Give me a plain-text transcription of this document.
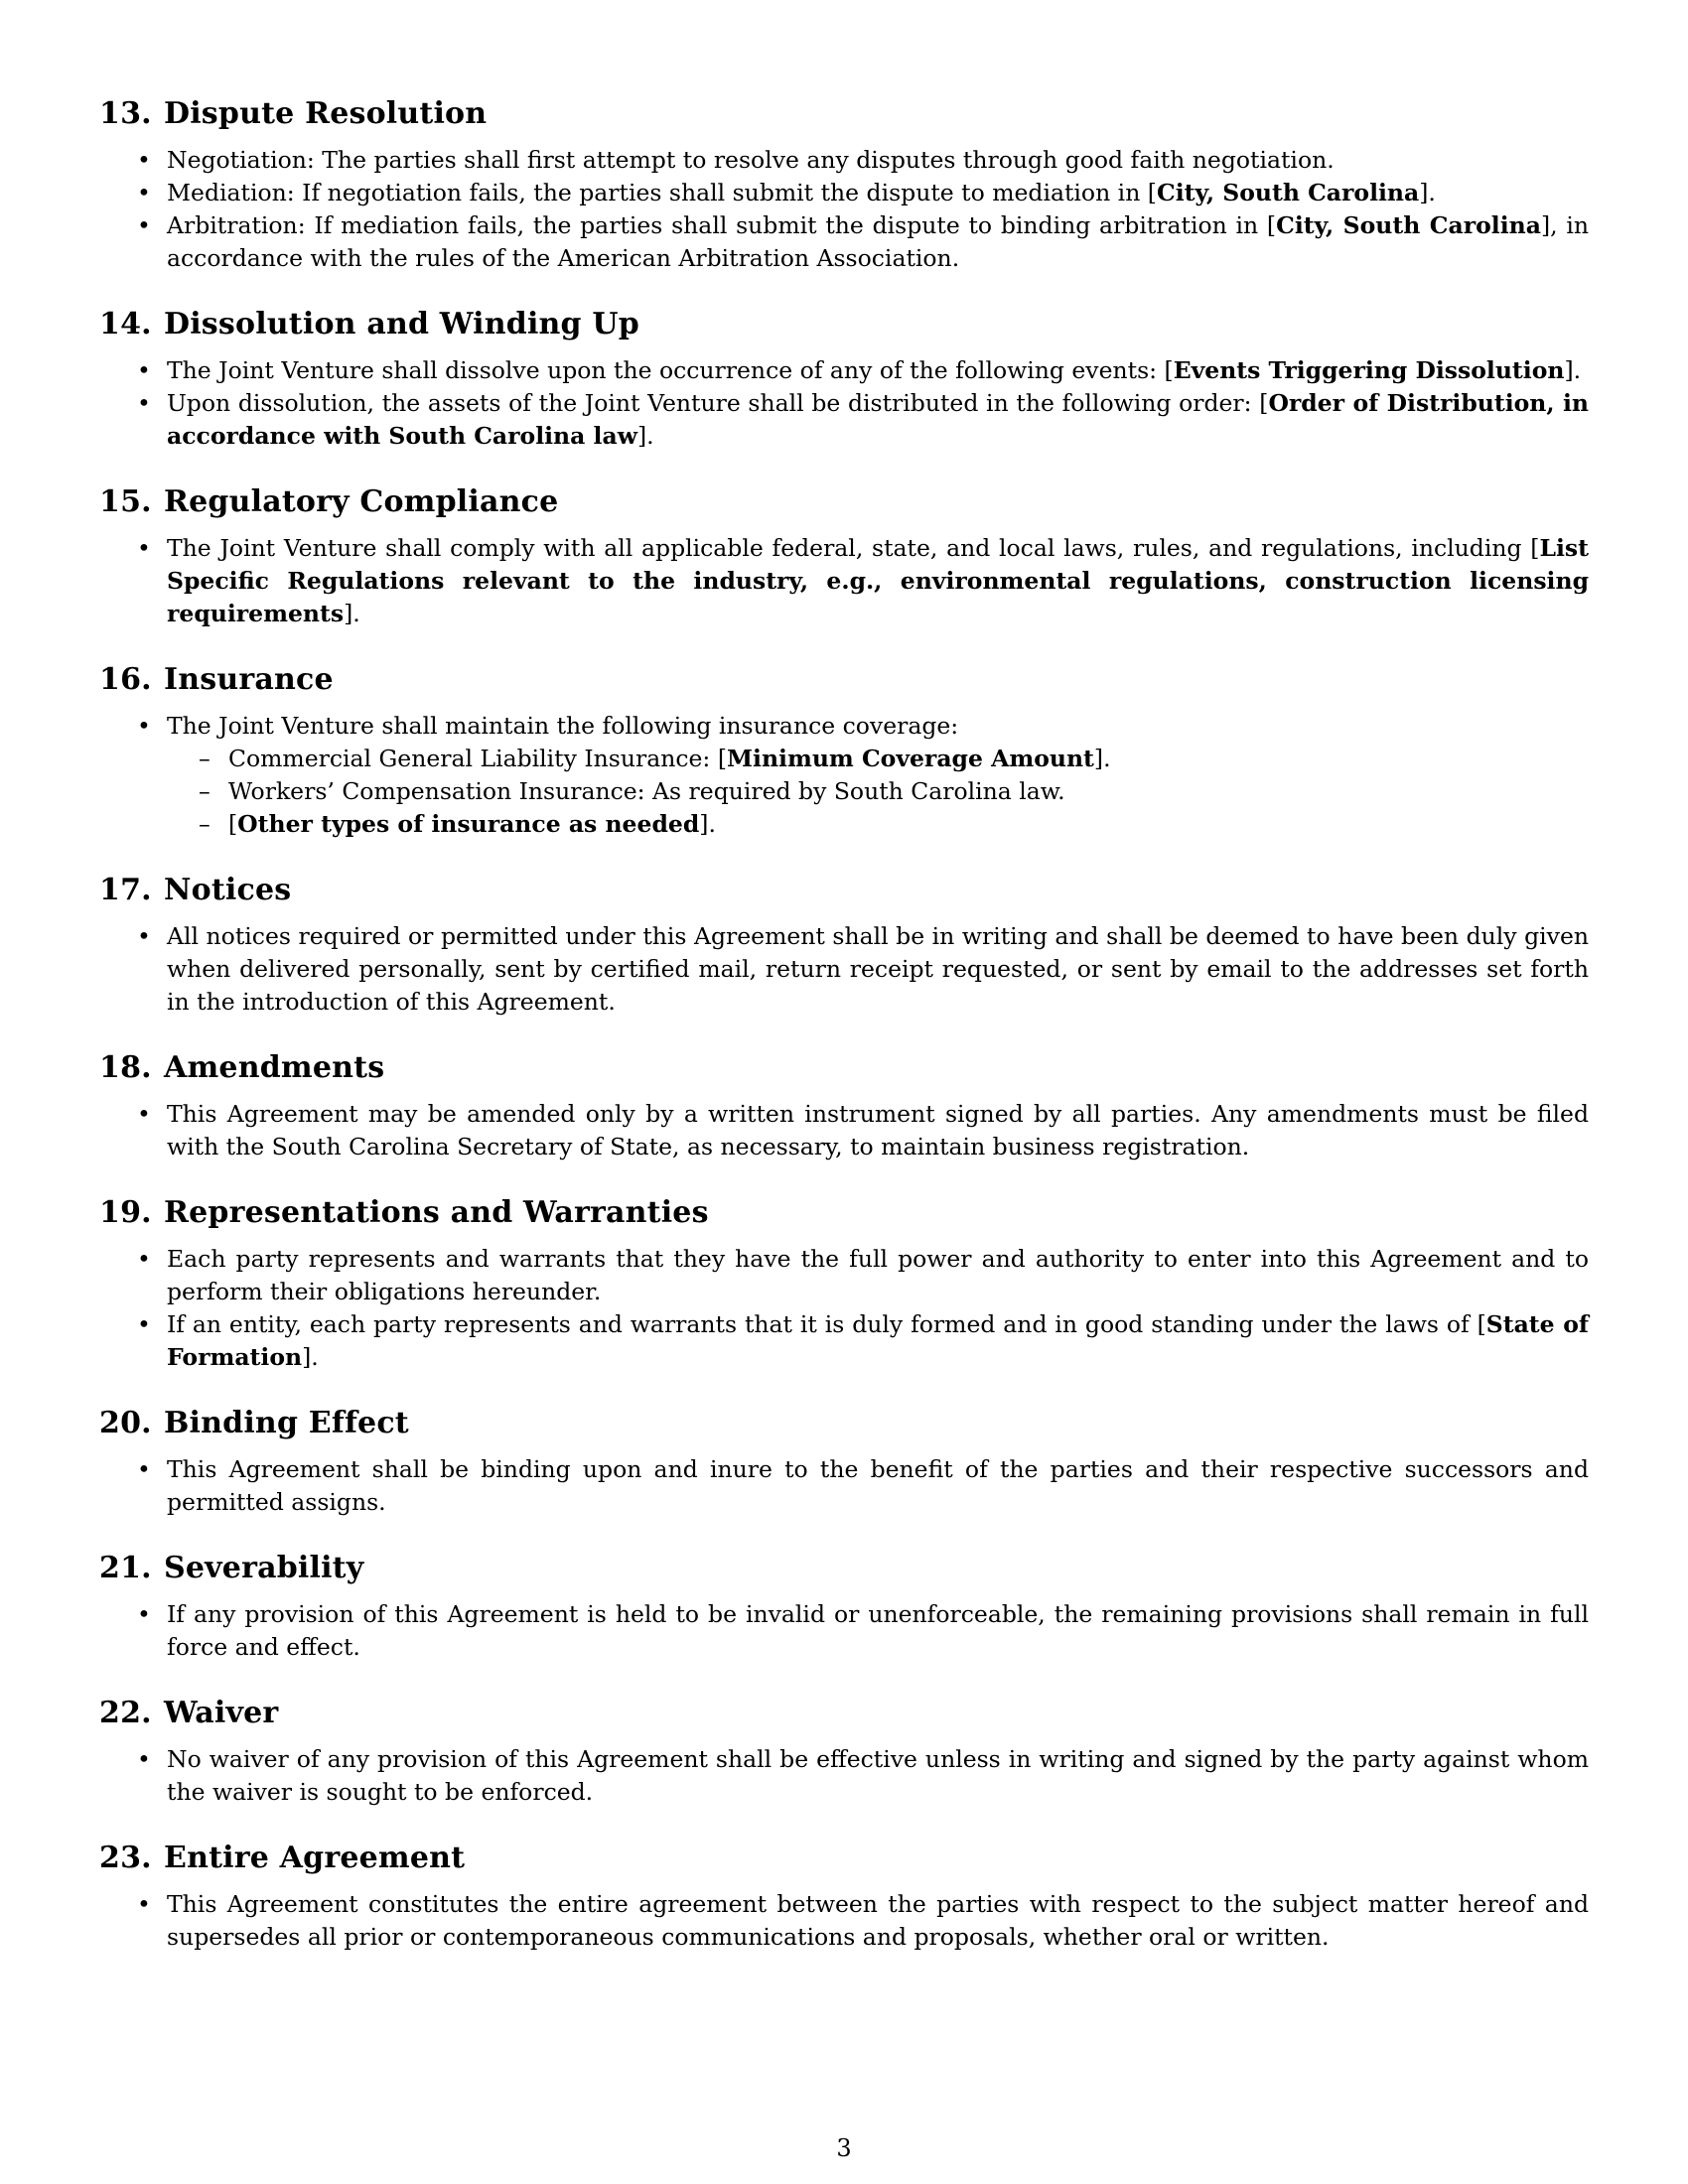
13. Dispute Resolution
• Negotiation: The parties shall first attempt to resolve any disputes through good faith negotiation.
• Mediation: If negotiation fails, the parties shall submit the dispute to mediation in [City, South Carolina].
• Arbitration: If mediation fails, the parties shall submit the dispute to binding arbitration in [City, South Carolina], in accordance with the rules of the American Arbitration Association.
14. Dissolution and Winding Up
• The Joint Venture shall dissolve upon the occurrence of any of the following events: [Events Triggering Dissolution].
• Upon dissolution, the assets of the Joint Venture shall be distributed in the following order: [Order of Distribution, in accordance with South Carolina law].
15. Regulatory Compliance
• The Joint Venture shall comply with all applicable federal, state, and local laws, rules, and regulations, including [List Specific Regulations relevant to the industry, e.g., environmental regulations, construction licensing requirements].
16. Insurance
• The Joint Venture shall maintain the following insurance coverage:
– Commercial General Liability Insurance: [Minimum Coverage Amount].
– Workers’ Compensation Insurance: As required by South Carolina law.
– [Other types of insurance as needed].
17. Notices
• All notices required or permitted under this Agreement shall be in writing and shall be deemed to have been duly given when delivered personally, sent by certified mail, return receipt requested, or sent by email to the addresses set forth in the introduction of this Agreement.
18. Amendments
• This Agreement may be amended only by a written instrument signed by all parties. Any amendments must be filed with the South Carolina Secretary of State, as necessary, to maintain business registration.
19. Representations and Warranties
• Each party represents and warrants that they have the full power and authority to enter into this Agreement and to perform their obligations hereunder.
• If an entity, each party represents and warrants that it is duly formed and in good standing under the laws of [State of Formation].
20. Binding Effect
• This Agreement shall be binding upon and inure to the benefit of the parties and their respective successors and permitted assigns.
21. Severability
• If any provision of this Agreement is held to be invalid or unenforceable, the remaining provisions shall remain in full force and effect.
22. Waiver
• No waiver of any provision of this Agreement shall be effective unless in writing and signed by the party against whom the waiver is sought to be enforced.
23. Entire Agreement
• This Agreement constitutes the entire agreement between the parties with respect to the subject matter hereof and supersedes all prior or contemporaneous communications and proposals, whether oral or written.
3
